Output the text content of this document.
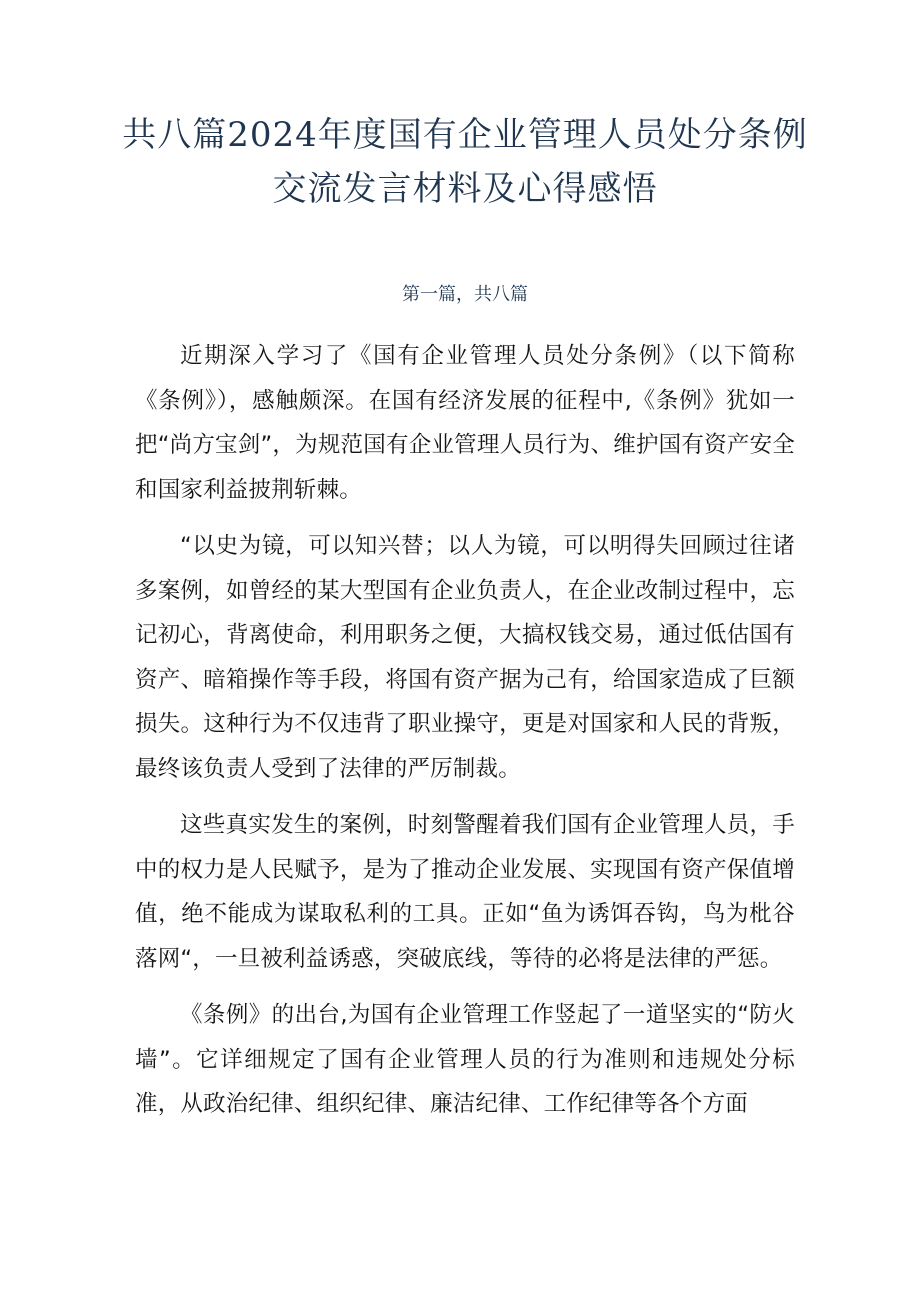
共八篇2024年度国有企业管理人员处分条例交流发言材料及心得感悟
第一篇，共八篇

近期深入学习了《国有企业管理人员处分条例》（以下简称《条例》），感触颇深。在国有经济发展的征程中,《条例》犹如一把“尚方宝剑”，为规范国有企业管理人员行为、维护国有资产安全和国家利益披荆斩棘。

“以史为镜，可以知兴替；以人为镜，可以明得失回顾过往诸多案例，如曾经的某大型国有企业负责人，在企业改制过程中，忘记初心，背离使命，利用职务之便，大搞权钱交易，通过低估国有资产、暗箱操作等手段，将国有资产据为己有，给国家造成了巨额损失。这种行为不仅违背了职业操守，更是对国家和人民的背叛，最终该负责人受到了法律的严厉制裁。

这些真实发生的案例，时刻警醒着我们国有企业管理人员，手中的权力是人民赋予，是为了推动企业发展、实现国有资产保值增值，绝不能成为谋取私利的工具。正如“鱼为诱饵吞钩，鸟为枇谷落网“，一旦被利益诱惑，突破底线，等待的必将是法律的严惩。

《条例》的出台,为国有企业管理工作竖起了一道坚实的“防火墙”。它详细规定了国有企业管理人员的行为准则和违规处分标准，从政治纪律、组织纪律、廉洁纪律、工作纪律等各个方面
